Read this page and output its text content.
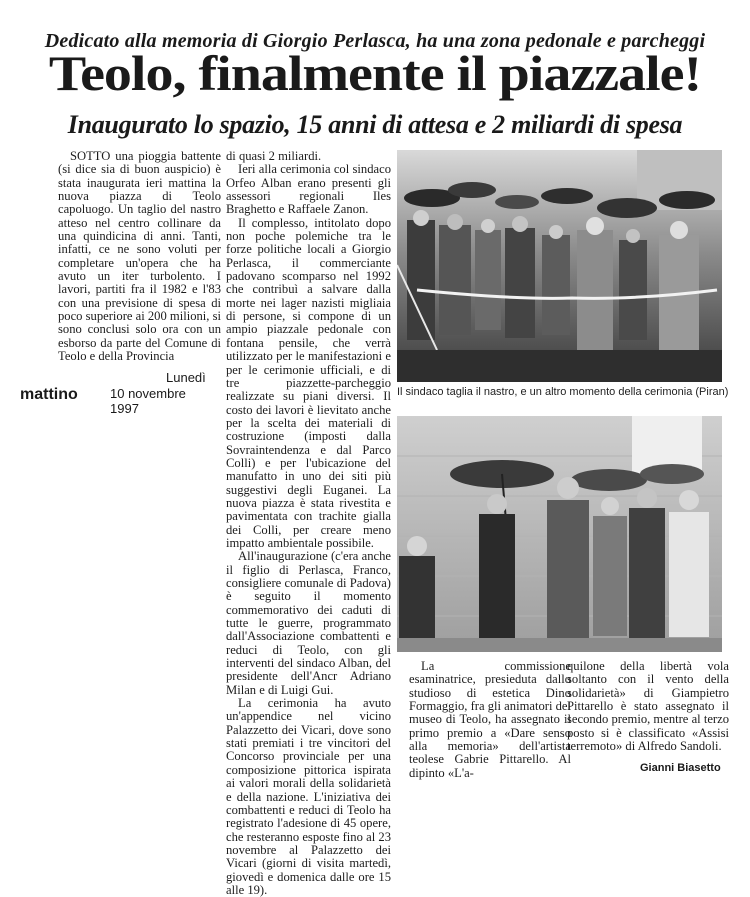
Dedicato alla memoria di Giorgio Perlasca, ha una zona pedonale e parcheggi
Teolo, finalmente il piazzale!
Inaugurato lo spazio, 15 anni di attesa e 2 miliardi di spesa

SOTTO una pioggia battente (si dice sia di buon auspicio) è stata inaugurata ieri mattina la nuova piazza di Teolo capoluogo. Un taglio del nastro atteso nel centro collinare da una quindicina di anni. Tanti, infatti, ce ne sono voluti per completare un'opera che ha avuto un iter turbolento. I lavori, partiti fra il 1982 e l'83 con una previsione di spesa di poco superiore ai 200 milioni, si sono conclusi solo ora con un esborso da parte del Comune di Teolo e della Provincia

mattino
Lunedì
10 novembre 1997

di quasi 2 miliardi.

Ieri alla cerimonia col sindaco Orfeo Alban erano presenti gli assessori regionali Iles Braghetto e Raffaele Zanon.

Il complesso, intitolato dopo non poche polemiche tra le forze politiche locali a Giorgio Perlasca, il commerciante padovano scomparso nel 1992 che contribuì a salvare dalla morte nei lager nazisti migliaia di persone, si compone di un ampio piazzale pedonale con fontana pensile, che verrà utilizzato per le manifestazioni e per le cerimonie ufficiali, e di tre piazzette-parcheggio realizzate su piani diversi. Il costo dei lavori è lievitato anche per la scelta dei materiali di costruzione (imposti dalla Sovraintendenza e dal Parco Colli) e per l'ubicazione del manufatto in uno dei siti più suggestivi degli Euganei. La nuova piazza è stata rivestita e pavimentata con trachite gialla dei Colli, per creare meno impatto ambientale possibile.

All'inaugurazione (c'era anche il figlio di Perlasca, Franco, consigliere comunale di Padova) è seguito il momento commemorativo dei caduti di tutte le guerre, programmato dall'Associazione combattenti e reduci di Teolo, con gli interventi del sindaco Alban, del presidente dell'Ancr Adriano Milan e di Luigi Gui.

La cerimonia ha avuto un'appendice nel vicino Palazzetto dei Vicari, dove sono stati premiati i tre vincitori del Concorso provinciale per una composizione pittorica ispirata ai valori morali della solidarietà e della nazione. L'iniziativa dei combattenti e reduci di Teolo ha registrato l'adesione di 45 opere, che resteranno esposte fino al 23 novembre al Palazzetto dei Vicari (giorni di visita martedì, giovedì e domenica dalle ore 15 alle 19).

Il sindaco taglia il nastro, e un altro momento della cerimonia (Piran)

La commissione esaminatrice, presieduta dallo studioso di estetica Dino Formaggio, fra gli animatori del museo di Teolo, ha assegnato il primo premio a «Dare senso alla memoria» dell'artista teolese Gabrie Pittarello. Al dipinto «L'a-

quilone della libertà vola soltanto con il vento della solidarietà» di Giampietro Pittarello è stato assegnato il secondo premio, mentre al terzo posto si è classificato «Assisi terremoto» di Alfredo Sandoli.

Gianni Biasetto
